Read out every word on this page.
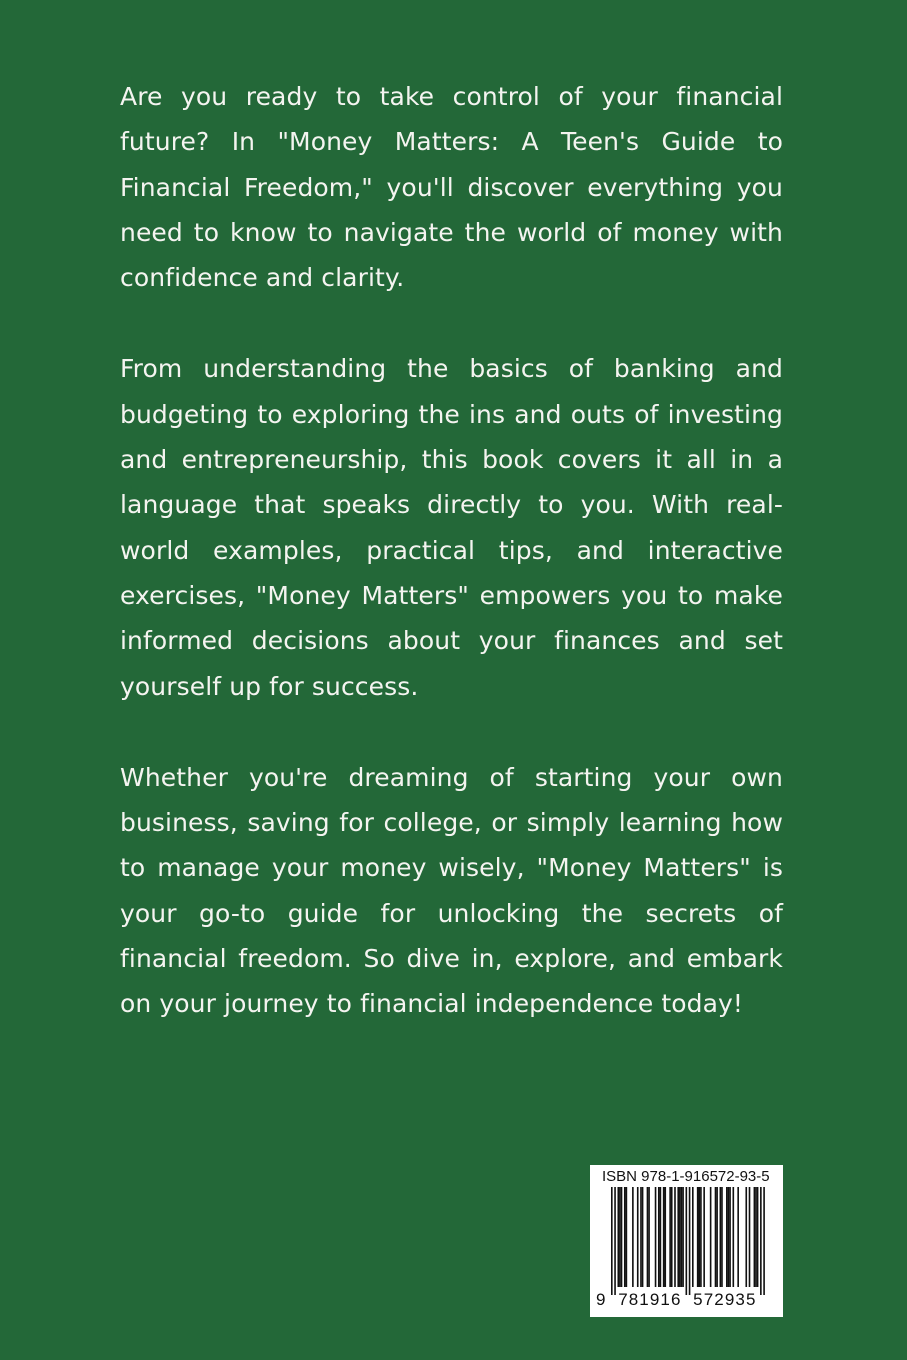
Are you ready to take control of your financial future? In "Money Matters: A Teen's Guide to Financial Freedom," you'll discover everything you need to know to navigate the world of money with confidence and clarity.

From understanding the basics of banking and budgeting to exploring the ins and outs of investing and entrepreneurship, this book covers it all in a language that speaks directly to you. With real-world examples, practical tips, and interactive exercises, "Money Matters" empowers you to make informed decisions about your finances and set yourself up for success.

Whether you're dreaming of starting your own business, saving for college, or simply learning how to manage your money wisely, "Money Matters" is your go-to guide for unlocking the secrets of financial freedom. So dive in, explore, and embark on your journey to financial independence today!

ISBN 978-1-916572-93-5
9  781916  572935
